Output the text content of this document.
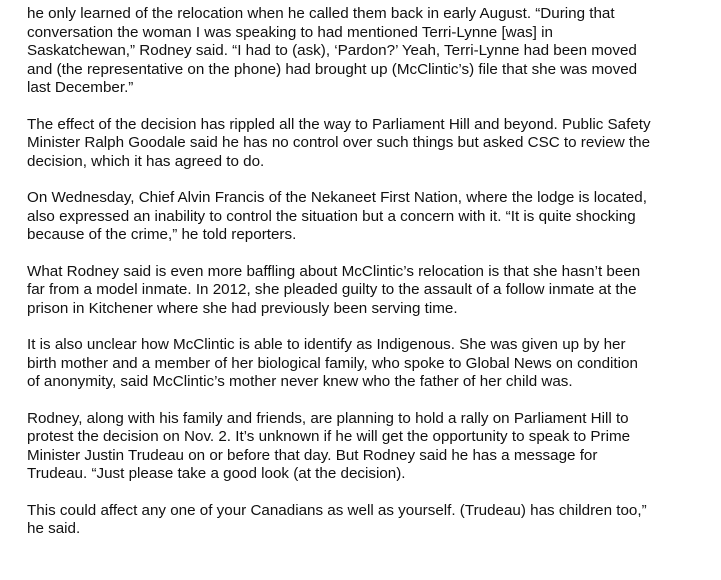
he only learned of the relocation when he called them back in early August. “During that
conversation the woman I was speaking to had mentioned Terri-Lynne [was] in
Saskatchewan,” Rodney said. “I had to (ask), ‘Pardon?’ Yeah, Terri-Lynne had been moved
and (the representative on the phone) had brought up (McClintic’s) file that she was moved
last December.”

The effect of the decision has rippled all the way to Parliament Hill and beyond. Public Safety
Minister Ralph Goodale said he has no control over such things but asked CSC to review the
decision, which it has agreed to do.

On Wednesday, Chief Alvin Francis of the Nekaneet First Nation, where the lodge is located,
also expressed an inability to control the situation but a concern with it. “It is quite shocking
because of the crime,” he told reporters.

What Rodney said is even more baffling about McClintic’s relocation is that she hasn’t been
far from a model inmate. In 2012, she pleaded guilty to the assault of a follow inmate at the
prison in Kitchener where she had previously been serving time.

It is also unclear how McClintic is able to identify as Indigenous. She was given up by her
birth mother and a member of her biological family, who spoke to Global News on condition
of anonymity, said McClintic’s mother never knew who the father of her child was.

Rodney, along with his family and friends, are planning to hold a rally on Parliament Hill to
protest the decision on Nov. 2. It’s unknown if he will get the opportunity to speak to Prime
Minister Justin Trudeau on or before that day. But Rodney said he has a message for
Trudeau. “Just please take a good look (at the decision).

This could affect any one of your Canadians as well as yourself. (Trudeau) has children too,”
he said.
